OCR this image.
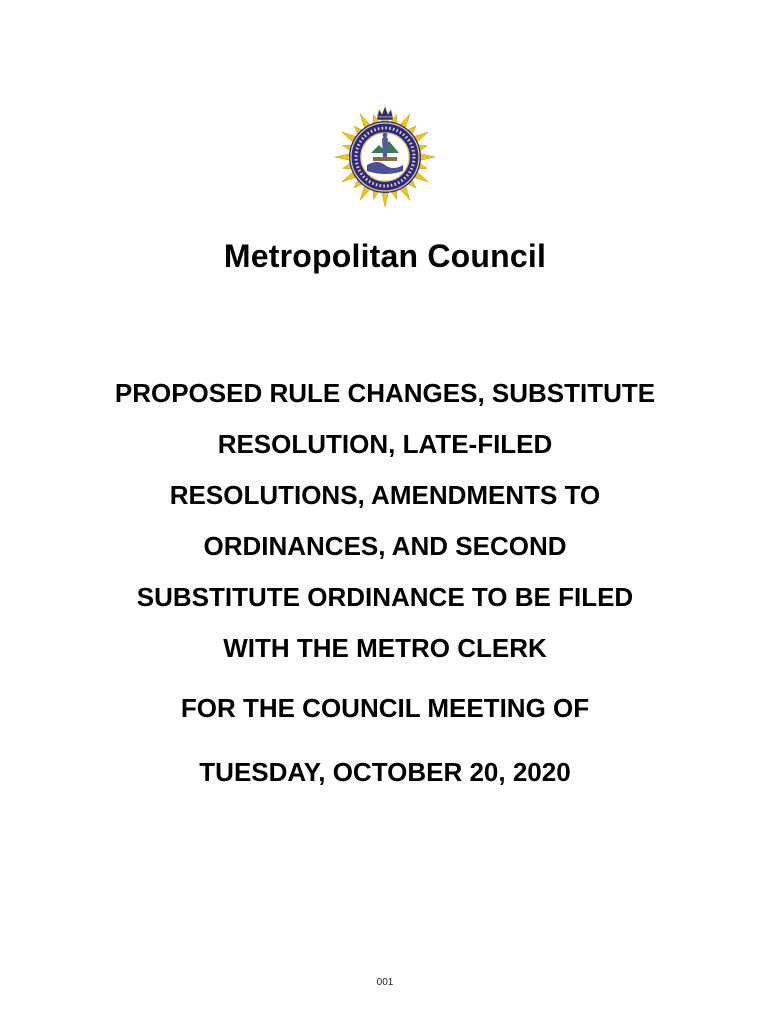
Metropolitan Council
PROPOSED RULE CHANGES, SUBSTITUTE
RESOLUTION, LATE-FILED
RESOLUTIONS, AMENDMENTS TO
ORDINANCES, AND SECOND
SUBSTITUTE ORDINANCE TO BE FILED
WITH THE METRO CLERK
FOR THE COUNCIL MEETING OF
TUESDAY, OCTOBER 20, 2020
001
